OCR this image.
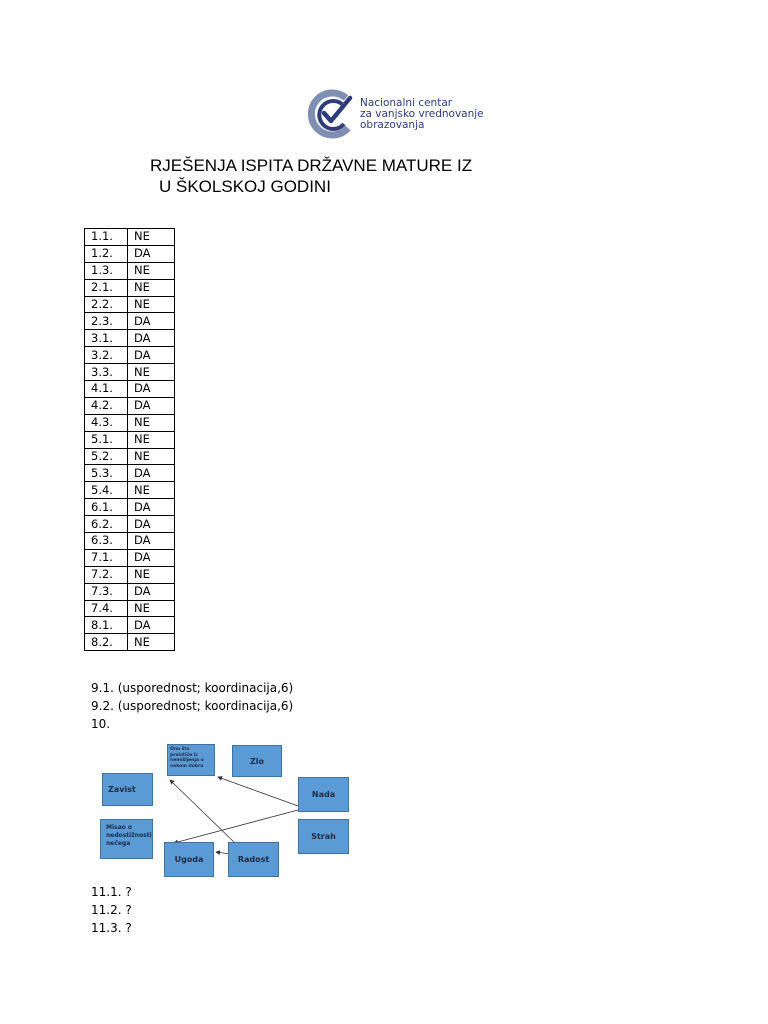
Nacionalni centar
za vanjsko vrednovanje
obrazovanja
RJEŠENJA ISPITA DRŽAVNE MATURE IZ
U ŠKOLSKOJ GODINI
1.1.	NE
1.2.	DA
1.3.	NE
2.1.	NE
2.2.	NE
2.3.	DA
3.1.	DA
3.2.	DA
3.3.	NE
4.1.	DA
4.2.	DA
4.3.	NE
5.1.	NE
5.2.	NE
5.3.	DA
5.4.	NE
6.1.	DA
6.2.	DA
6.3.	DA
7.1.	DA
7.2.	NE
7.3.	DA
7.4.	NE
8.1.	DA
8.2.	NE
9.1. (usporednost; koordinacija,6)
9.2. (usporednost; koordinacija,6)
10.
Ono što proističe iz nemišljenja o nekom dobru
Zlo
Zavist
Nada
Misao o nedostižnosti nečega
Strah
Ugoda	Radost
11.1. ?
11.2. ?
11.3. ?
